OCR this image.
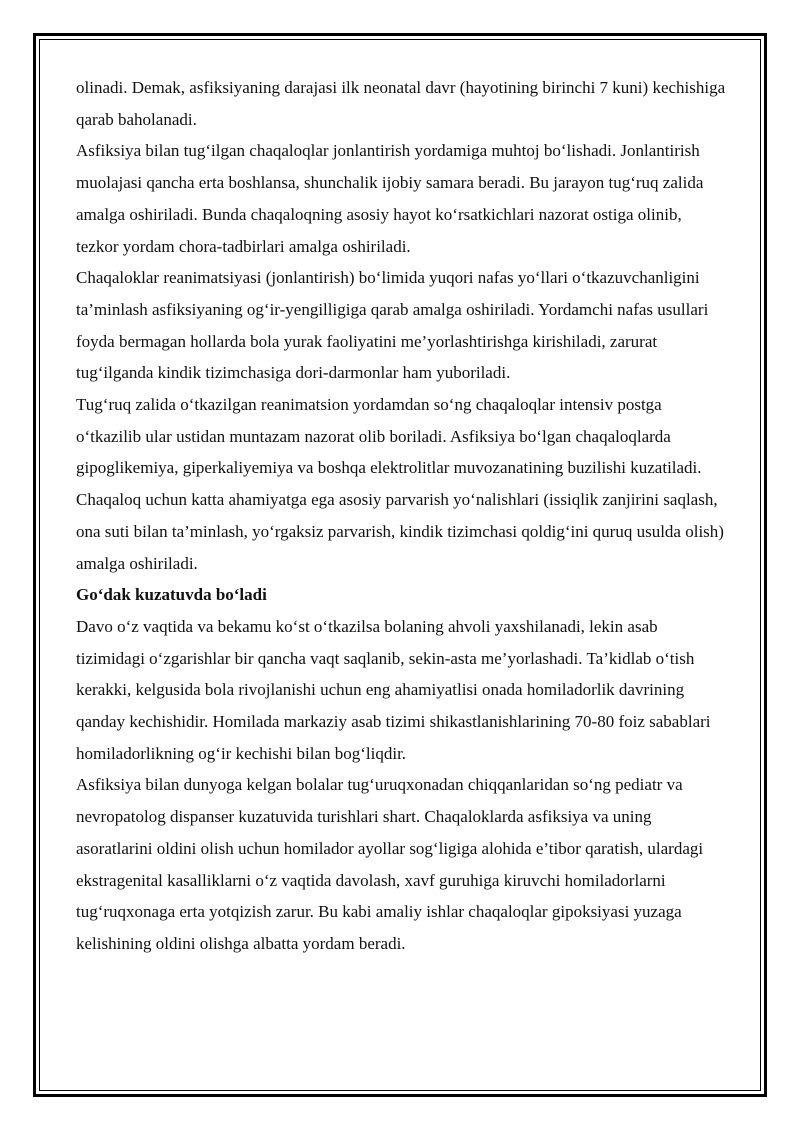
olinadi. Demak, asfiksiyaning darajasi ilk neonatal davr (hayotining birinchi 7 kuni) kechishiga qarab baholanadi.

Asfiksiya bilan tug‘ilgan chaqaloqlar jonlantirish yordamiga muhtoj bo‘lishadi. Jonlantirish muolajasi qancha erta boshlansa, shunchalik ijobiy samara beradi. Bu jarayon tug‘ruq zalida amalga oshiriladi. Bunda chaqaloqning asosiy hayot ko‘rsatkichlari nazorat ostiga olinib, tezkor yordam chora-tadbirlari amalga oshiriladi.

Chaqaloklar reanimatsiyasi (jonlantirish) bo‘limida yuqori nafas yo‘llari o‘tkazuvchanligini ta’minlash asfiksiyaning og‘ir-yengilligiga qarab amalga oshiriladi. Yordamchi nafas usullari foyda bermagan hollarda bola yurak faoliyatini me’yorlashtirishga kirishiladi, zarurat tug‘ilganda kindik tizimchasiga dori-darmonlar ham yuboriladi.

Tug‘ruq zalida o‘tkazilgan reanimatsion yordamdan so‘ng chaqaloqlar intensiv postga o‘tkazilib ular ustidan muntazam nazorat olib boriladi. Asfiksiya bo‘lgan chaqaloqlarda gipoglikemiya, giperkaliyemiya va boshqa elektrolitlar muvozanatining buzilishi kuzatiladi. Chaqaloq uchun katta ahamiyatga ega asosiy parvarish yo‘nalishlari (issiqlik zanjirini saqlash, ona suti bilan ta’minlash, yo‘rgaksiz parvarish, kindik tizimchasi qoldig‘ini quruq usulda olish) amalga oshiriladi.

Go‘dak kuzatuvda bo‘ladi

Davo o‘z vaqtida va bekamu ko‘st o‘tkazilsa bolaning ahvoli yaxshilanadi, lekin asab tizimidagi o‘zgarishlar bir qancha vaqt saqlanib, sekin-asta me’yorlashadi. Ta’kidlab o‘tish kerakki, kelgusida bola rivojlanishi uchun eng ahamiyatlisi onada homiladorlik davrining qanday kechishidir. Homilada markaziy asab tizimi shikastlanishlarining 70-80 foiz sabablari homiladorlikning og‘ir kechishi bilan bog‘liqdir.

Asfiksiya bilan dunyoga kelgan bolalar tug‘uruqxonadan chiqqanlaridan so‘ng pediatr va nevropatolog dispanser kuzatuvida turishlari shart. Chaqaloklarda asfiksiya va uning asoratlarini oldini olish uchun homilador ayollar sog‘ligiga alohida e’tibor qaratish, ulardagi ekstragenital kasalliklarni o‘z vaqtida davolash, xavf guruhiga kiruvchi homiladorlarni tug‘ruqxonaga erta yotqizish zarur. Bu kabi amaliy ishlar chaqaloqlar gipoksiyasi yuzaga kelishining oldini olishga albatta yordam beradi.
